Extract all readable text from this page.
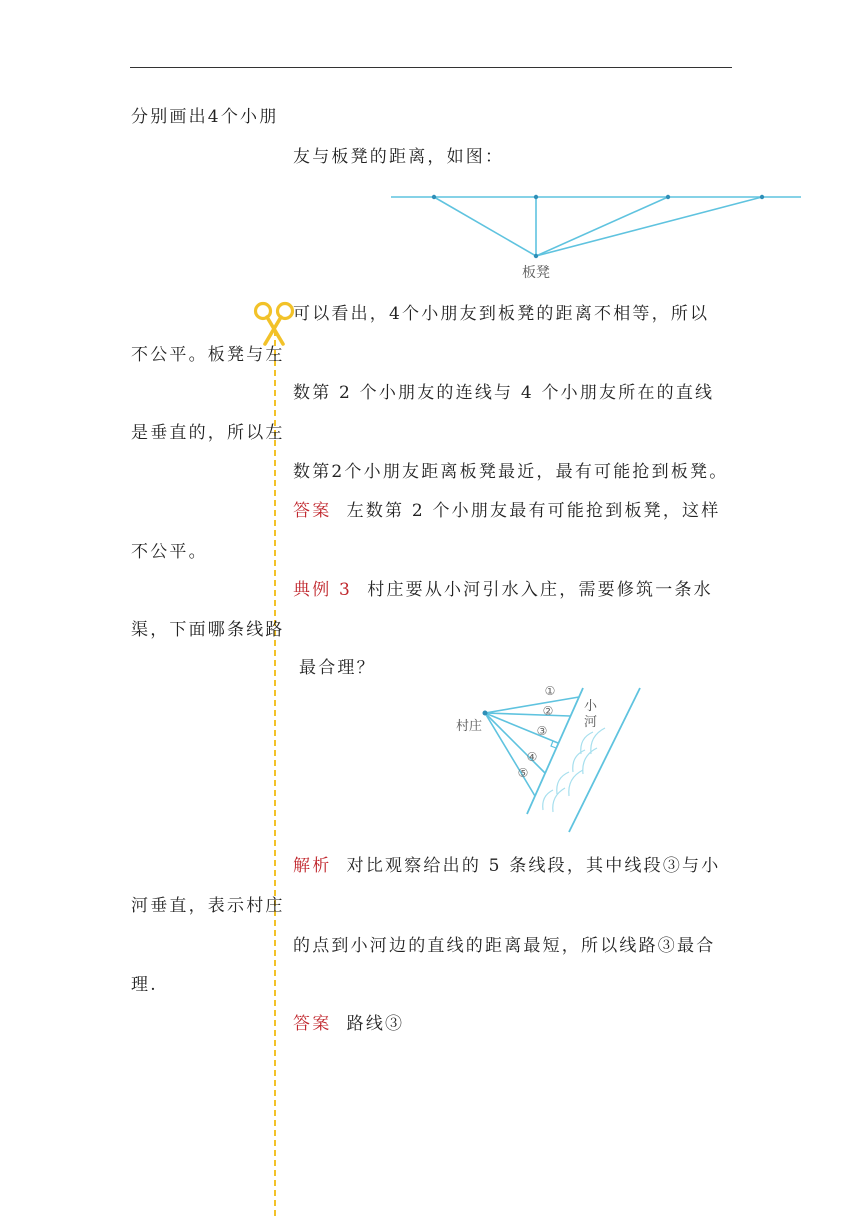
分别画出4个小朋
友与板凳的距离，如图：
板凳
可以看出，4个小朋友到板凳的距离不相等，所以
不公平。板凳与左
数第 2 个小朋友的连线与 4 个小朋友所在的直线
是垂直的，所以左
数第2个小朋友距离板凳最近，最有可能抢到板凳。
答案 左数第 2 个小朋友最有可能抢到板凳，这样
不公平。
典例 3 村庄要从小河引水入庄，需要修筑一条水
渠，下面哪条线路
最合理？
村庄
小 河
①
②
③
④
⑤
解析 对比观察给出的 5 条线段，其中线段③与小
河垂直，表示村庄
的点到小河边的直线的距离最短，所以线路③最合
理.
答案 路线③
